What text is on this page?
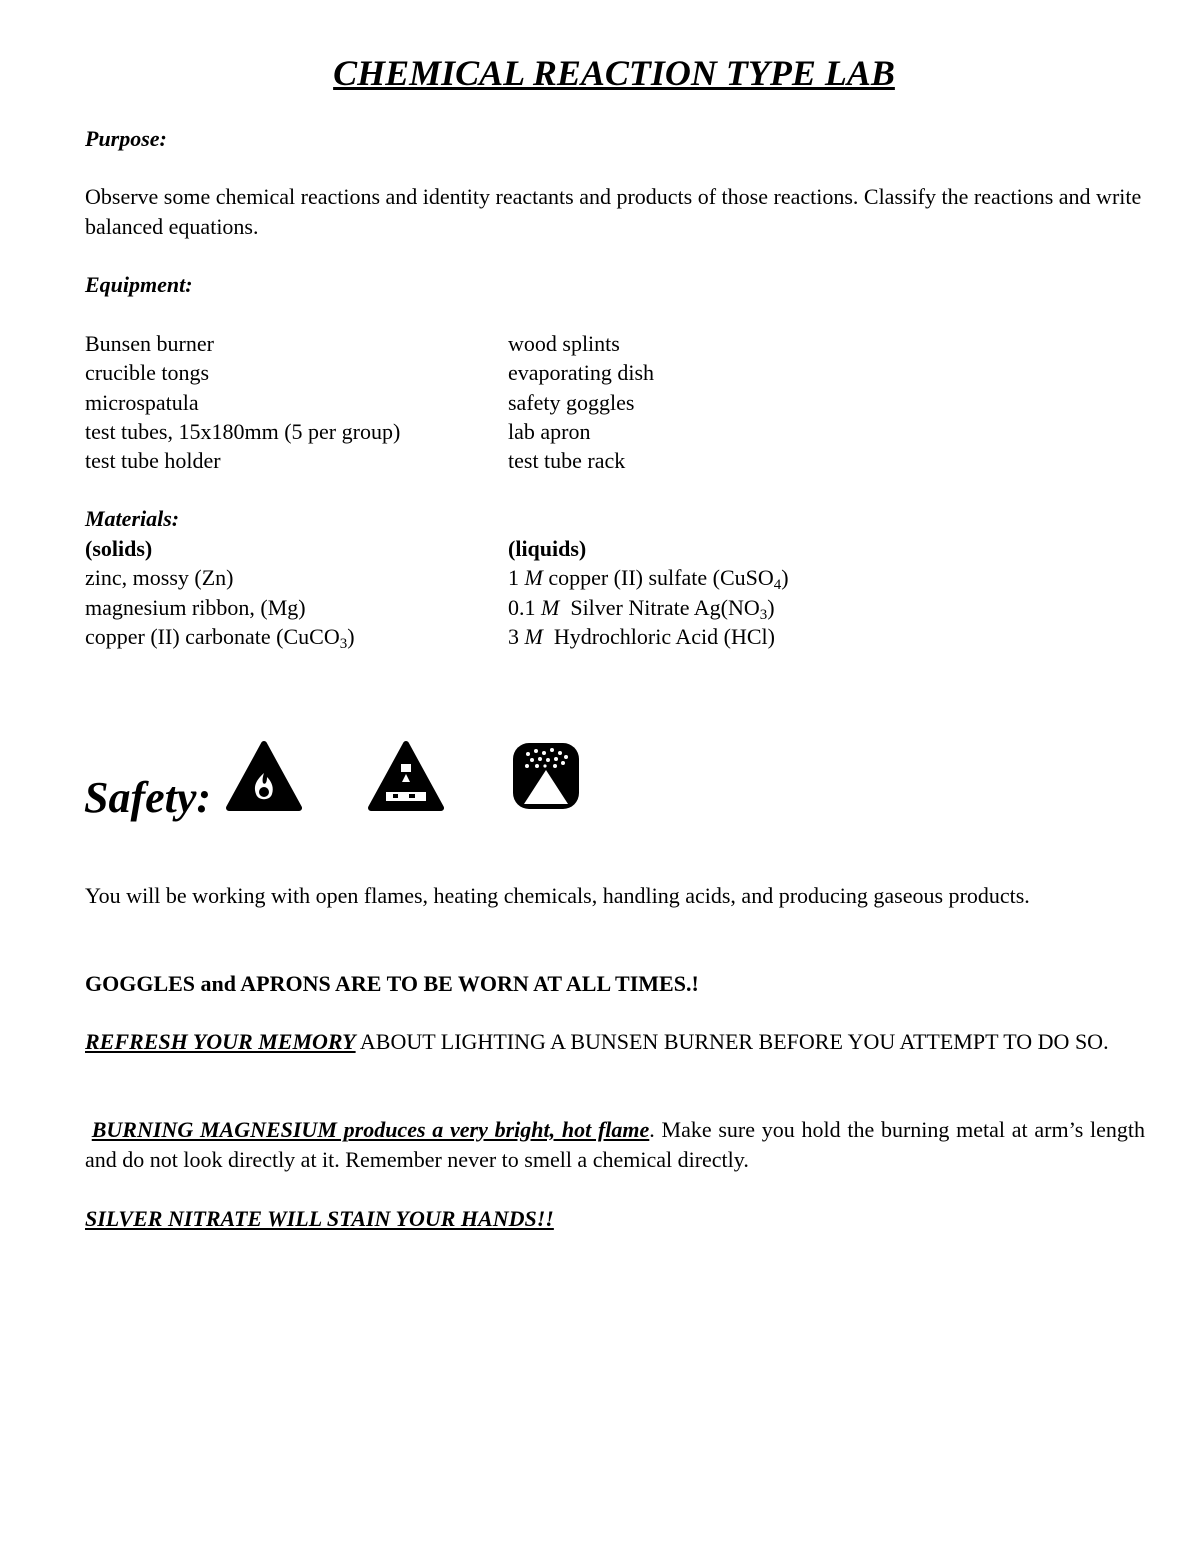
CHEMICAL REACTION TYPE LAB
Purpose:
Observe some chemical reactions and identity reactants and products of those reactions. Classify the reactions and write balanced equations.
Equipment:
Bunsen burner
crucible tongs
microspatula
test tubes, 15x180mm (5 per group)
test tube holder
wood splints
evaporating dish
safety goggles
lab apron
test tube rack
Materials:
(solids)
zinc, mossy (Zn)
magnesium ribbon, (Mg)
copper (II) carbonate (CuCO$_3$)
(liquids)
1 M copper (II) sulfate (CuSO$_4$)
0.1 M Silver Nitrate $Ag(NO_3)$
3 M Hydrochloric Acid (HCl)
Safety:
You will be working with open flames, heating chemicals, handling acids, and producing gaseous products.
GOGGLES and APRONS ARE TO BE WORN AT ALL TIMES.!
REFRESH YOUR MEMORY ABOUT LIGHTING A BUNSEN BURNER BEFORE YOU ATTEMPT TO DO SO.
BURNING MAGNESIUM produces a very bright, hot flame. Make sure you hold the burning metal at arm’s length and do not look directly at it. Remember never to smell a chemical directly.
SILVER NITRATE WILL STAIN YOUR HANDS!!
